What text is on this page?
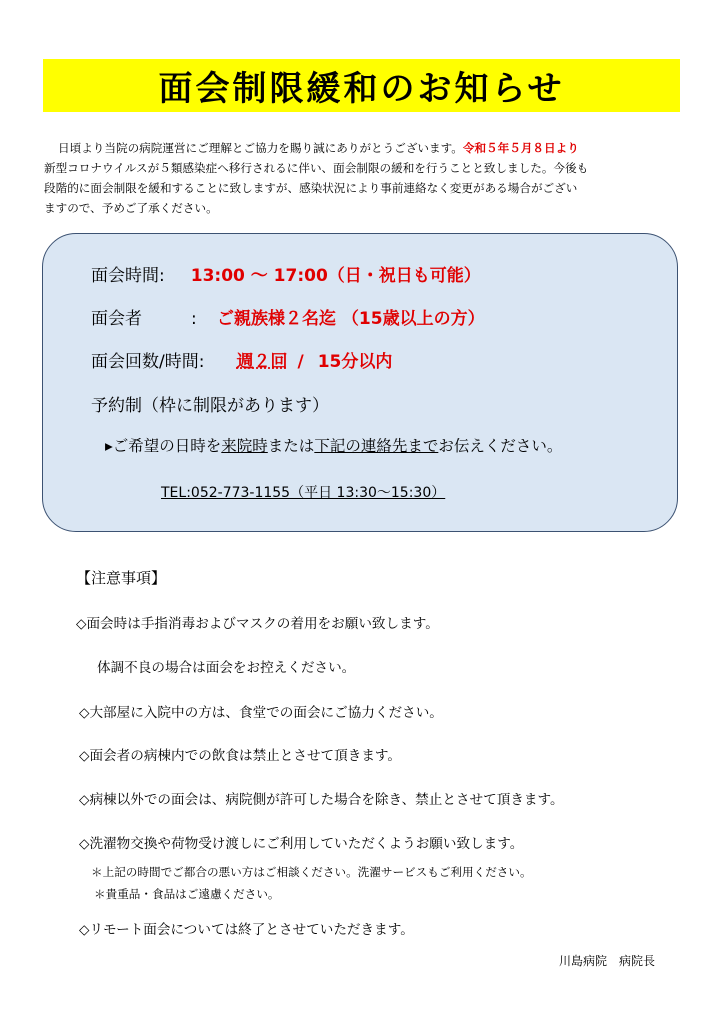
面会制限緩和のお知らせ

日頃より当院の病院運営にご理解とご協力を賜り誠にありがとうございます。令和５年５月８日より
新型コロナウイルスが５類感染症へ移行されるに伴い、面会制限の緩和を行うことと致しました。今後も
段階的に面会制限を緩和することに致しますが、感染状況により事前連絡なく変更がある場合がござい
ますので、予めご了承ください。

面会時間: 13:00 ～ 17:00（日・祝日も可能）
面会者	: ご親族様２名迄 （15歳以上の方）
面会回数/時間: 週２回 / 15分以内
予約制（枠に制限があります）
▸ご希望の日時を来院時または下記の連絡先までお伝えください。
TEL:052-773-1155（平日 13:30～15:30）

【注意事項】

◇面会時は手指消毒およびマスクの着用をお願い致します。

体調不良の場合は面会をお控えください。

◇大部屋に入院中の方は、食堂での面会にご協力ください。

◇面会者の病棟内での飲食は禁止とさせて頂きます。

◇病棟以外での面会は、病院側が許可した場合を除き、禁止とさせて頂きます。

◇洗濯物交換や荷物受け渡しにご利用していただくようお願い致します。

＊上記の時間でご都合の悪い方はご相談ください。洗濯サービスもご利用ください。

＊貴重品・食品はご遠慮ください。

◇リモート面会については終了とさせていただきます。

川島病院　病院長
